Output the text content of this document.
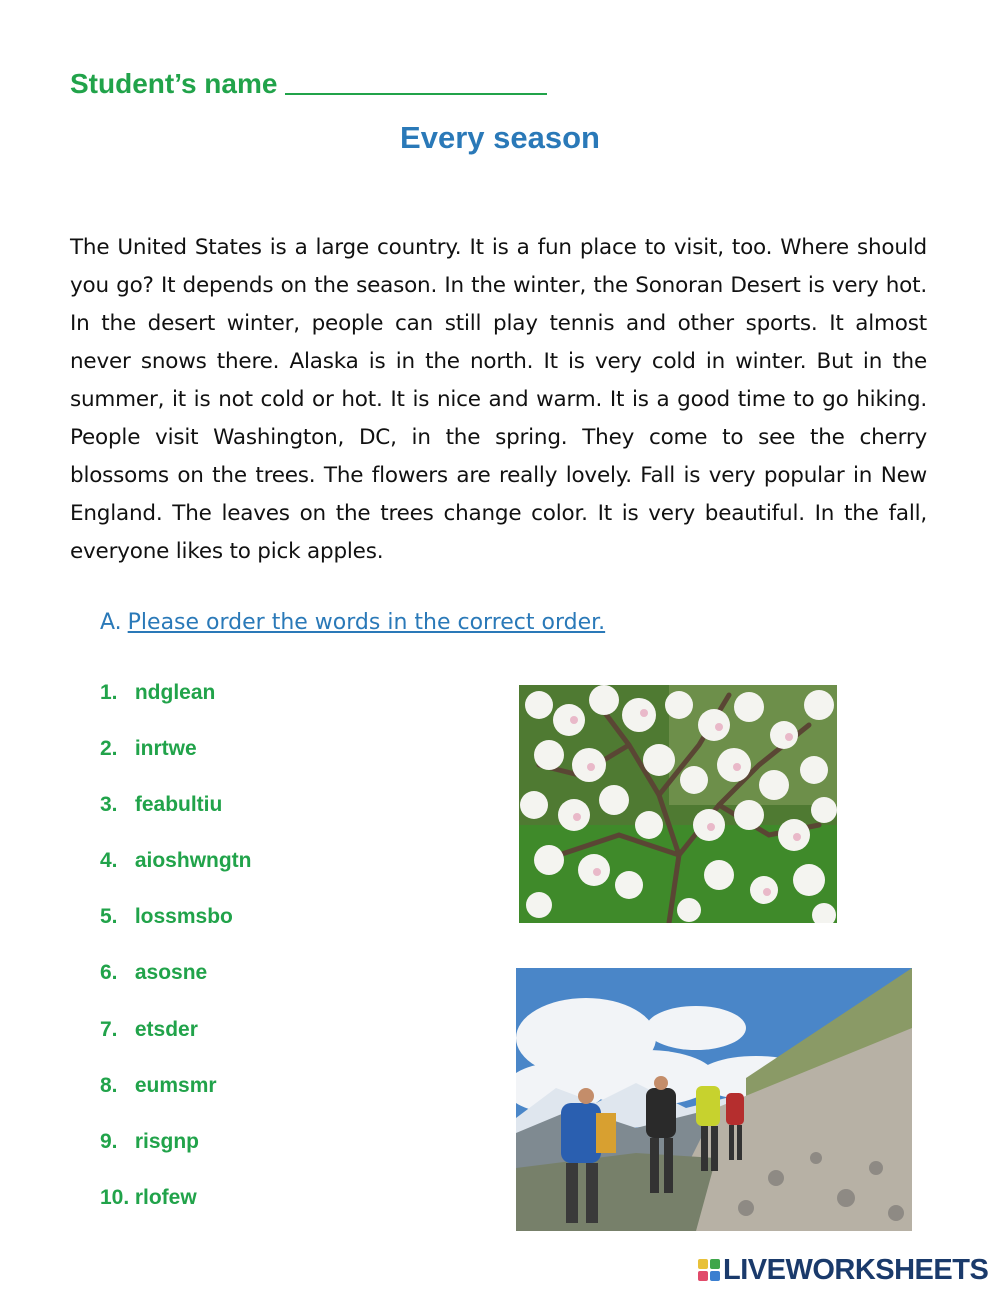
Student’s name
Every season

The United States is a large country. It is a fun place to visit, too. Where should you go? It depends on the season. In the winter, the Sonoran Desert is very hot. In the desert winter, people can still play tennis and other sports. It almost never snows there. Alaska is in the north. It is very cold in winter. But in the summer, it is not cold or hot. It is nice and warm. It is a good time to go hiking. People visit Washington, DC, in the spring. They come to see the cherry blossoms on the trees. The flowers are really lovely. Fall is very popular in New England. The leaves on the trees change color. It is very beautiful. In the fall, everyone likes to pick apples.

A. Please order the words in the correct order.
1. ndglean
2. inrtwe
3. feabultiu
4. aioshwngtn
5. lossmsbo
6. asosne
7. etsder
8. eumsmr
9. risgnp
10. rlofew
LIVEWORKSHEETS
